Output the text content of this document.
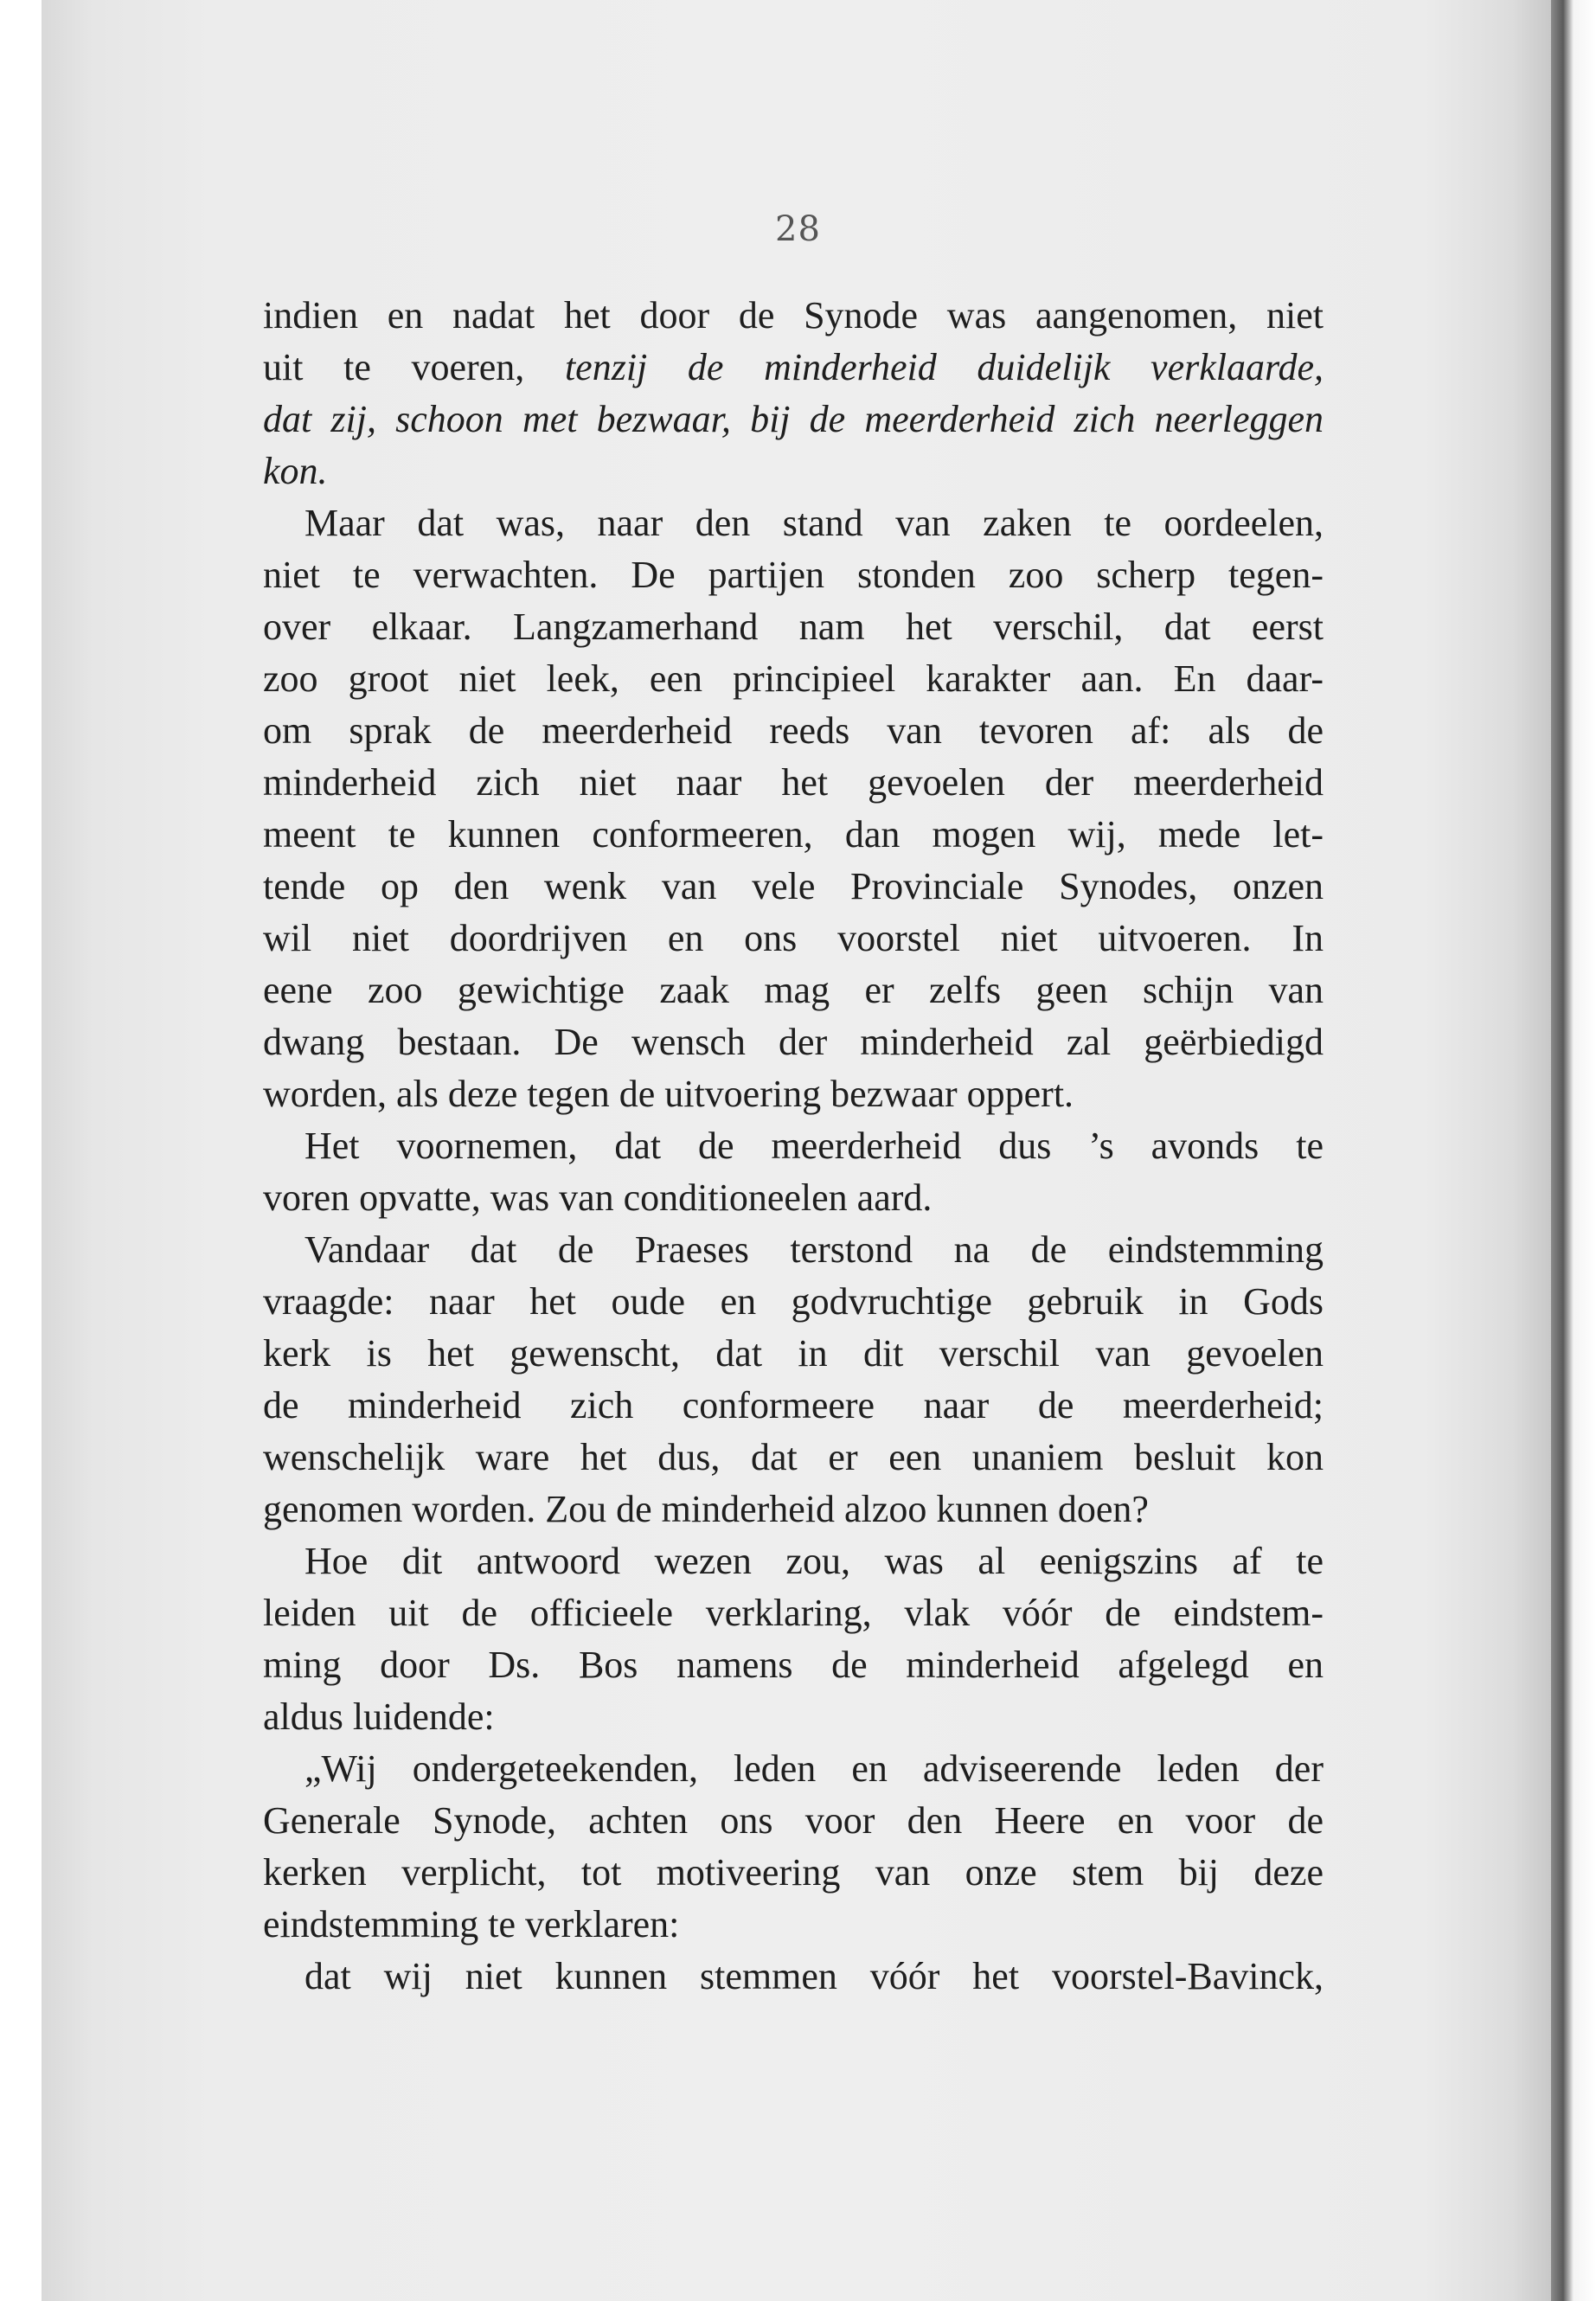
28
indien en nadat het door de Synode was aangenomen, niet
uit te voeren, tenzij de minderheid duidelijk verklaarde,
dat zij, schoon met bezwaar, bij de meerderheid zich neerleggen
kon.
Maar dat was, naar den stand van zaken te oordeelen,
niet te verwachten. De partijen stonden zoo scherp tegen-
over elkaar. Langzamerhand nam het verschil, dat eerst
zoo groot niet leek, een principieel karakter aan. En daar-
om sprak de meerderheid reeds van tevoren af: als de
minderheid zich niet naar het gevoelen der meerderheid
meent te kunnen conformeeren, dan mogen wij, mede let-
tende op den wenk van vele Provinciale Synodes, onzen
wil niet doordrijven en ons voorstel niet uitvoeren. In
eene zoo gewichtige zaak mag er zelfs geen schijn van
dwang bestaan. De wensch der minderheid zal geërbiedigd
worden, als deze tegen de uitvoering bezwaar oppert.
Het voornemen, dat de meerderheid dus ’s avonds te
voren opvatte, was van conditioneelen aard.
Vandaar dat de Praeses terstond na de eindstemming
vraagde: naar het oude en godvruchtige gebruik in Gods
kerk is het gewenscht, dat in dit verschil van gevoelen
de minderheid zich conformeere naar de meerderheid;
wenschelijk ware het dus, dat er een unaniem besluit kon
genomen worden. Zou de minderheid alzoo kunnen doen?
Hoe dit antwoord wezen zou, was al eenigszins af te
leiden uit de officieele verklaring, vlak vóór de eindstem-
ming door Ds. Bos namens de minderheid afgelegd en
aldus luidende:
„Wij ondergeteekenden, leden en adviseerende leden der
Generale Synode, achten ons voor den Heere en voor de
kerken verplicht, tot motiveering van onze stem bij deze
eindstemming te verklaren:
dat wij niet kunnen stemmen vóór het voorstel-Bavinck,
